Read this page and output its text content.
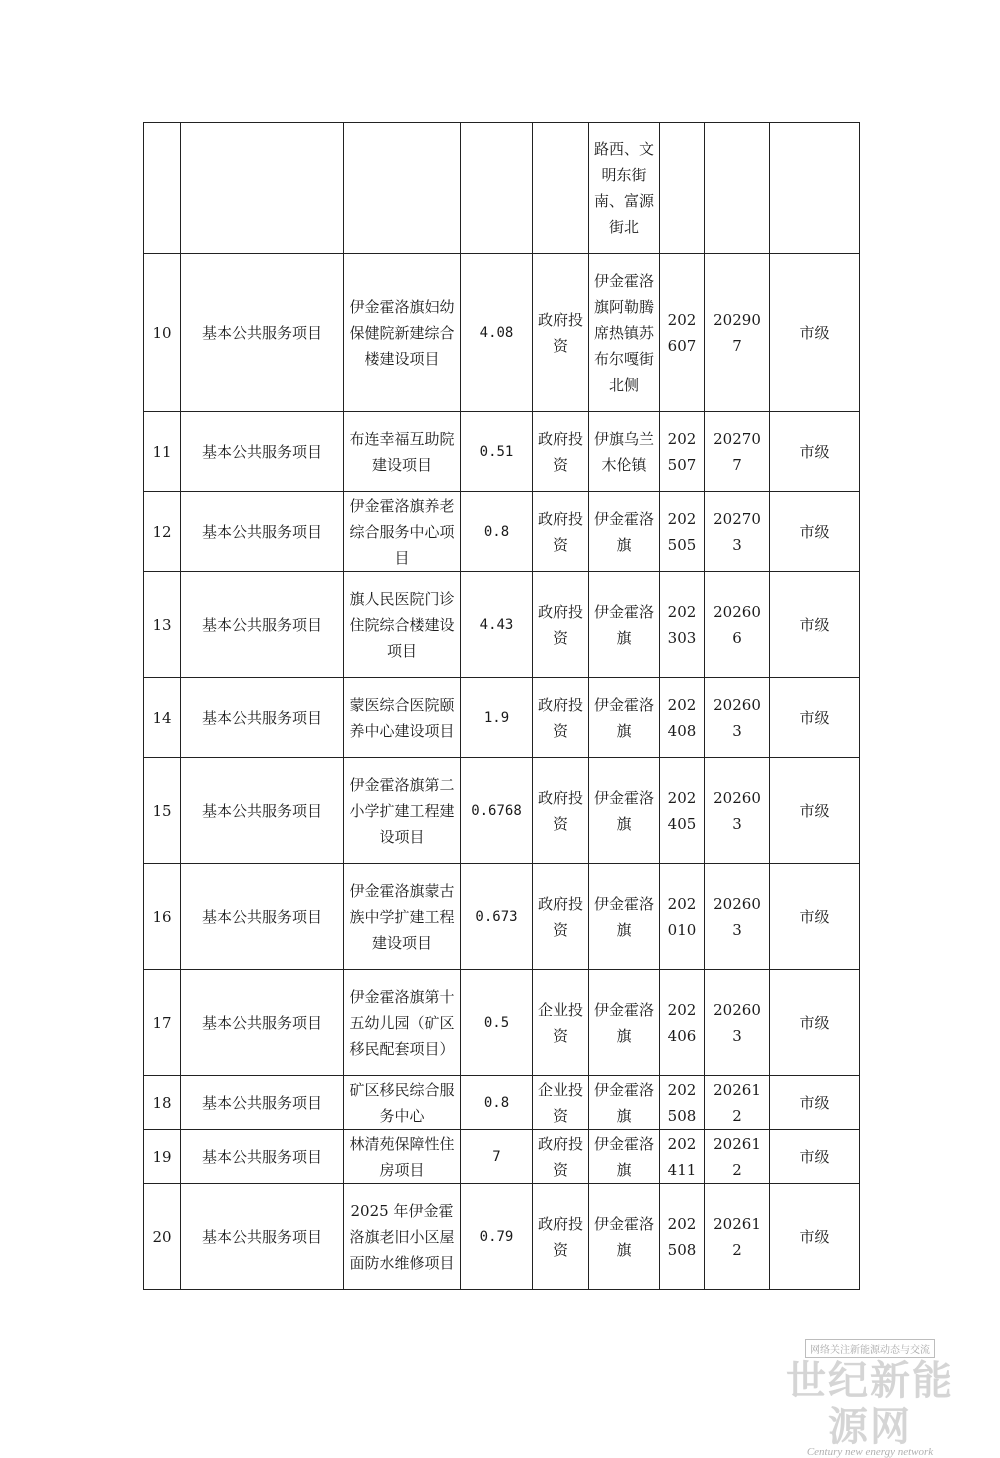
					路西、文明东街南、富源街北			
10	基本公共服务项目	伊金霍洛旗妇幼保健院新建综合楼建设项目	4.08	政府投资	伊金霍洛旗阿勒腾席热镇苏布尔嘎街北侧	202607	202907	市级
11	基本公共服务项目	布连幸福互助院建设项目	0.51	政府投资	伊旗乌兰木伦镇	202507	202707	市级
12	基本公共服务项目	伊金霍洛旗养老综合服务中心项目	0.8	政府投资	伊金霍洛旗	202505	202703	市级
13	基本公共服务项目	旗人民医院门诊住院综合楼建设项目	4.43	政府投资	伊金霍洛旗	202303	202606	市级
14	基本公共服务项目	蒙医综合医院颐养中心建设项目	1.9	政府投资	伊金霍洛旗	202408	202603	市级
15	基本公共服务项目	伊金霍洛旗第二小学扩建工程建设项目	0.6768	政府投资	伊金霍洛旗	202405	202603	市级
16	基本公共服务项目	伊金霍洛旗蒙古族中学扩建工程建设项目	0.673	政府投资	伊金霍洛旗	202010	202603	市级
17	基本公共服务项目	伊金霍洛旗第十五幼儿园（矿区移民配套项目）	0.5	企业投资	伊金霍洛旗	202406	202603	市级
18	基本公共服务项目	矿区移民综合服务中心	0.8	企业投资	伊金霍洛旗	202508	202612	市级
19	基本公共服务项目	林清苑保障性住房项目	7	政府投资	伊金霍洛旗	202411	202612	市级
20	基本公共服务项目	2025 年伊金霍洛旗老旧小区屋面防水维修项目	0.79	政府投资	伊金霍洛旗	202508	202612	市级
网络关注新能源动态与交流
世纪新能源网
Century new energy network
